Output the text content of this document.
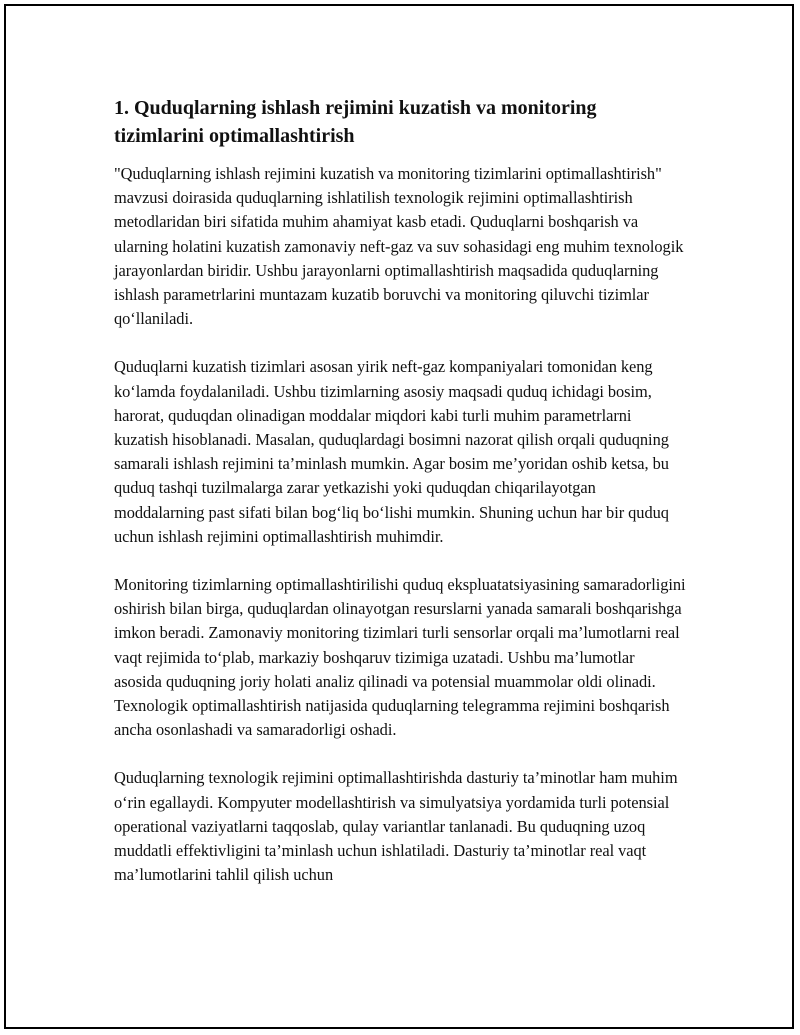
1. Quduqlarning ishlash rejimini kuzatish va monitoring tizimlarini optimallashtirish

"Quduqlarning ishlash rejimini kuzatish va monitoring tizimlarini optimallashtirish" mavzusi doirasida quduqlarning ishlatilish texnologik rejimini optimallashtirish metodlaridan biri sifatida muhim ahamiyat kasb etadi. Quduqlarni boshqarish va ularning holatini kuzatish zamonaviy neft-gaz va suv sohasidagi eng muhim texnologik jarayonlardan biridir. Ushbu jarayonlarni optimallashtirish maqsadida quduqlarning ishlash parametrlarini muntazam kuzatib boruvchi va monitoring qiluvchi tizimlar qo‘llaniladi.

Quduqlarni kuzatish tizimlari asosan yirik neft-gaz kompaniyalari tomonidan keng ko‘lamda foydalaniladi. Ushbu tizimlarning asosiy maqsadi quduq ichidagi bosim, harorat, quduqdan olinadigan moddalar miqdori kabi turli muhim parametrlarni kuzatish hisoblanadi. Masalan, quduqlardagi bosimni nazorat qilish orqali quduqning samarali ishlash rejimini ta’minlash mumkin. Agar bosim me’yoridan oshib ketsa, bu quduq tashqi tuzilmalarga zarar yetkazishi yoki quduqdan chiqarilayotgan moddalarning past sifati bilan bog‘liq bo‘lishi mumkin. Shuning uchun har bir quduq uchun ishlash rejimini optimallashtirish muhimdir.

Monitoring tizimlarning optimallashtirilishi quduq ekspluatatsiyasining samaradorligini oshirish bilan birga, quduqlardan olinayotgan resurslarni yanada samarali boshqarishga imkon beradi. Zamonaviy monitoring tizimlari turli sensorlar orqali ma’lumotlarni real vaqt rejimida to‘plab, markaziy boshqaruv tizimiga uzatadi. Ushbu ma’lumotlar asosida quduqning joriy holati analiz qilinadi va potensial muammolar oldi olinadi. Texnologik optimallashtirish natijasida quduqlarning telegramma rejimini boshqarish ancha osonlashadi va samaradorligi oshadi.

Quduqlarning texnologik rejimini optimallashtirishda dasturiy ta’minotlar ham muhim o‘rin egallaydi. Kompyuter modellashtirish va simulyatsiya yordamida turli potensial operational vaziyatlarni taqqoslab, qulay variantlar tanlanadi. Bu quduqning uzoq muddatli effektivligini ta’minlash uchun ishlatiladi. Dasturiy ta’minotlar real vaqt ma’lumotlarini tahlil qilish uchun
